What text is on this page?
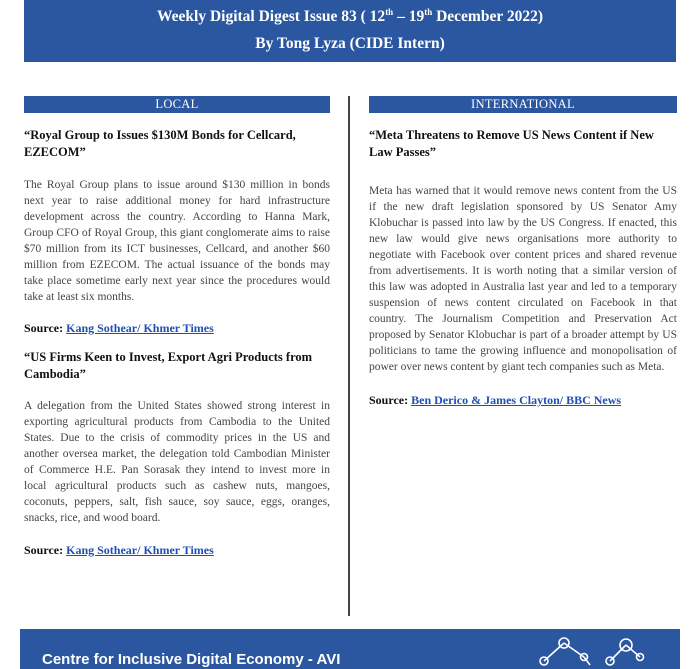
Weekly Digital Digest Issue 83 ( 12th – 19th December 2022)
By Tong Lyza (CIDE Intern)
LOCAL
“Royal Group to Issues $130M Bonds for Cellcard, EZECOM”
The Royal Group plans to issue around $130 million in bonds next year to raise additional money for hard infrastructure development across the country. According to Hanna Mark, Group CFO of Royal Group, this giant conglomerate aims to raise $70 million from its ICT businesses, Cellcard, and another $60 million from EZECOM. The actual issuance of the bonds may take place sometime early next year since the procedures would take at least six months.
Source: Kang Sothear/ Khmer Times
“US Firms Keen to Invest, Export Agri Products from Cambodia”
A delegation from the United States showed strong interest in exporting agricultural products from Cambodia to the United States. Due to the crisis of commodity prices in the US and another oversea market, the delegation told Cambodian Minister of Commerce H.E. Pan Sorasak they intend to invest more in local agricultural products such as cashew nuts, mangoes, coconuts, peppers, salt, fish sauce, soy sauce, eggs, oranges, snacks, rice, and wood board.
Source: Kang Sothear/ Khmer Times
INTERNATIONAL
“Meta Threatens to Remove US News Content if New Law Passes”
Meta has warned that it would remove news content from the US if the new draft legislation sponsored by US Senator Amy Klobuchar is passed into law by the US Congress. If enacted, this new law would give news organisations more authority to negotiate with Facebook over content prices and shared revenue from advertisements. It is worth noting that a similar version of this law was adopted in Australia last year and led to a temporary suspension of news content circulated on Facebook in that country. The Journalism Competition and Preservation Act proposed by Senator Klobuchar is part of a broader attempt by US politicians to tame the growing influence and monopolisation of power over news content by giant tech companies such as Meta.
Source: Ben Derico & James Clayton/ BBC News
Centre for Inclusive Digital Economy - AVI
